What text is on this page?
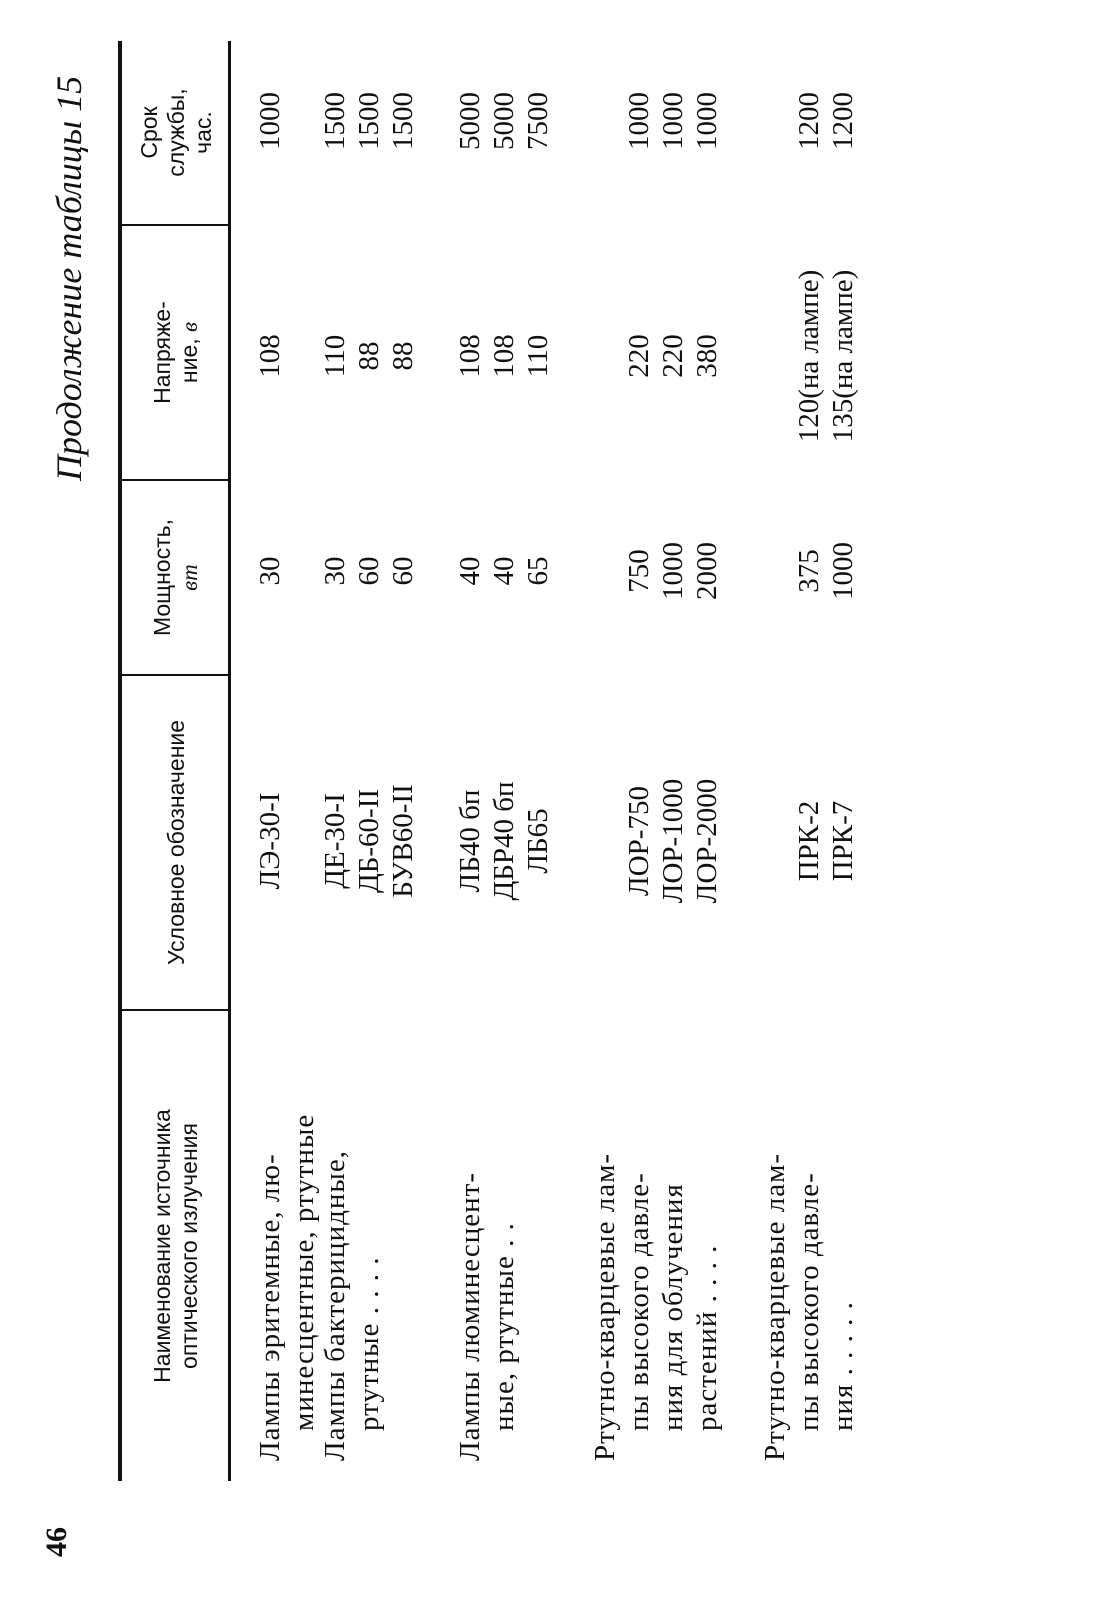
46
Продолжение таблицы 15
Наименование источника
оптического излучения
Условное обозначение
Мощность,
вт
Напряже-
ние, в
Срок
службы,
час.
Лампы эритемные, лю- минесцентные, ртутные
ЛЭ-30-I
30
108
1000
Лампы бактерицидные, ртутные . . . .
ДЕ-30-I ДБ-60-II БУВ60-II
30 60 60
110 88 88
1500 1500 1500
Лампы люминесцент- ные, ртутные . .
ЛБ40 бп ДБР40 бп ЛБ65
40 40 65
108 108 110
5000 5000 7500
Ртутно-кварцевые лам- пы высокого давле- ния для облучения растений . . . .
ЛОР-750 ЛОР-1000 ЛОР-2000
750 1000 2000
220 220 380
1000 1000 1000
Ртутно-кварцевые лам- пы высокого давле- ния . . . . .
ПРК-2 ПРК-7
375 1000
120(на лампе) 135(на лампе)
1200 1200
